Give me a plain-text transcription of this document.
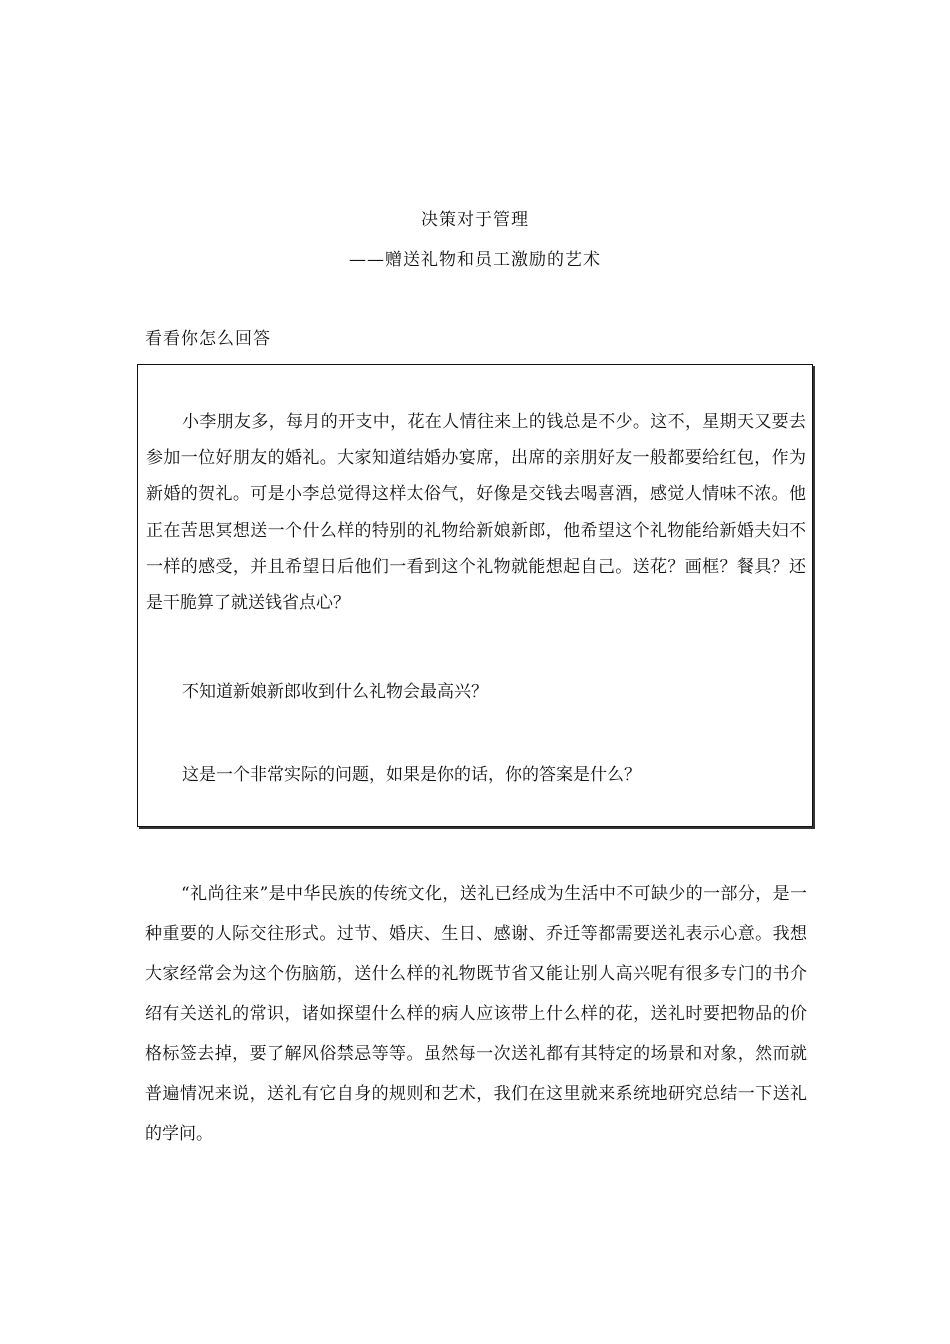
决策对于管理
——赠送礼物和员工激励的艺术
看看你怎么回答

小李朋友多，每月的开支中，花在人情往来上的钱总是不少。这不，星期天又要去参加一位好朋友的婚礼。大家知道结婚办宴席，出席的亲朋好友一般都要给红包，作为新婚的贺礼。可是小李总觉得这样太俗气，好像是交钱去喝喜酒，感觉人情味不浓。他正在苦思冥想送一个什么样的特别的礼物给新娘新郎，他希望这个礼物能给新婚夫妇不一样的感受，并且希望日后他们一看到这个礼物就能想起自己。送花？画框？餐具？还是干脆算了就送钱省点心？

不知道新娘新郎收到什么礼物会最高兴？

这是一个非常实际的问题，如果是你的话，你的答案是什么？

“礼尚往来”是中华民族的传统文化，送礼已经成为生活中不可缺少的一部分，是一种重要的人际交往形式。过节、婚庆、生日、感谢、乔迁等都需要送礼表示心意。我想大家经常会为这个伤脑筋，送什么样的礼物既节省又能让别人高兴呢有很多专门的书介绍有关送礼的常识，诸如探望什么样的病人应该带上什么样的花，送礼时要把物品的价格标签去掉，要了解风俗禁忌等等。虽然每一次送礼都有其特定的场景和对象，然而就普遍情况来说，送礼有它自身的规则和艺术，我们在这里就来系统地研究总结一下送礼的学问。
